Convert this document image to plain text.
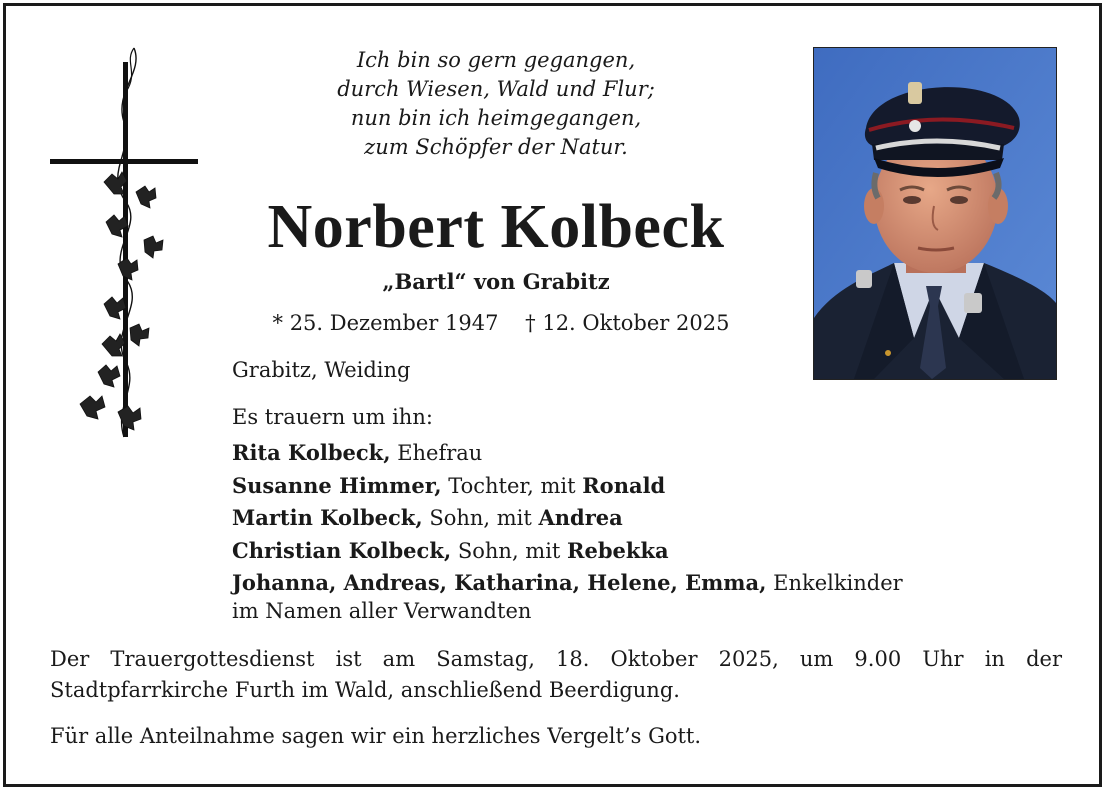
Ich bin so gern gegangen,
durch Wiesen, Wald und Flur;
nun bin ich heimgegangen,
zum Schöpfer der Natur.
Norbert Kolbeck
„Bartl“ von Grabitz
* 25. Dezember 1947    † 12. Oktober 2025
Grabitz, Weiding
Es trauern um ihn:
Rita Kolbeck, Ehefrau
Susanne Himmer, Tochter, mit Ronald
Martin Kolbeck, Sohn, mit Andrea
Christian Kolbeck, Sohn, mit Rebekka
Johanna, Andreas, Katharina, Helene, Emma, Enkelkinder
im Namen aller Verwandten
Der Trauergottesdienst ist am Samstag, 18. Oktober 2025, um 9.00 Uhr in der Stadtpfarrkirche Furth im Wald, anschließend Beerdigung.
Für alle Anteilnahme sagen wir ein herzliches Vergelt’s Gott.
